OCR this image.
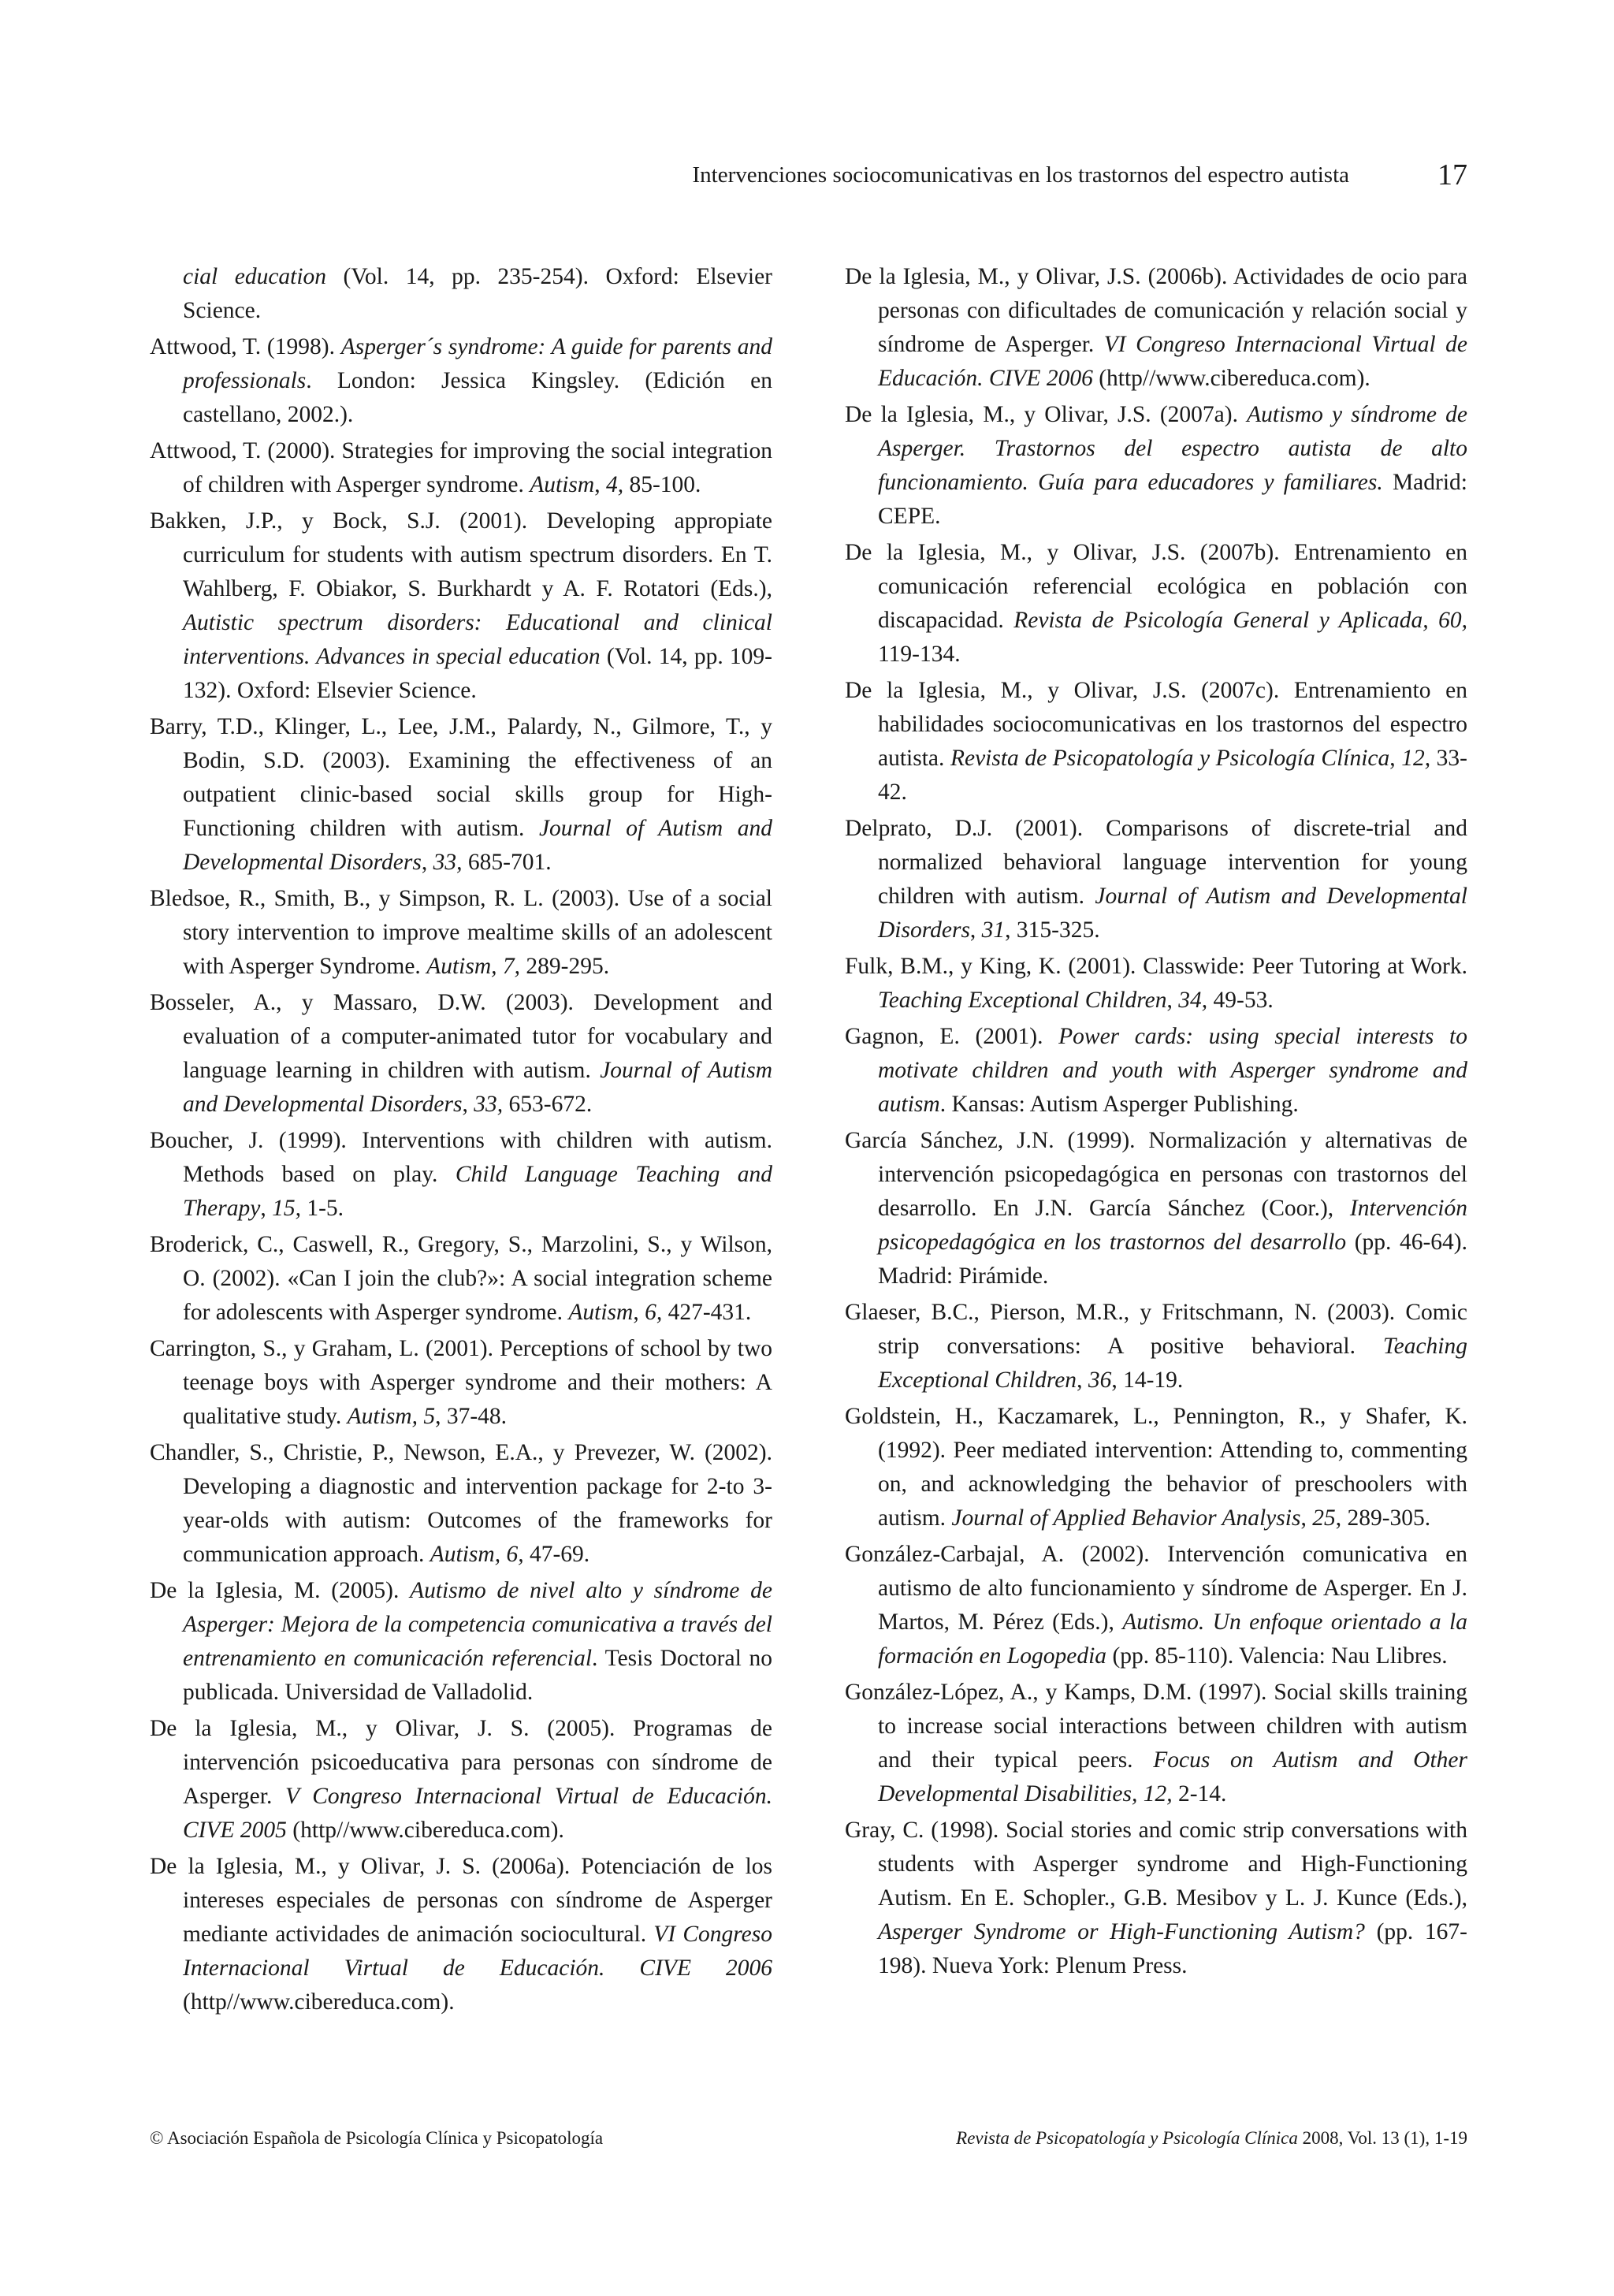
Intervenciones sociocomunicativas en los trastornos del espectro autista	17

cial education (Vol. 14, pp. 235-254). Oxford: Elsevier Science.

Attwood, T. (1998). Asperger´s syndrome: A guide for parents and professionals. London: Jessica Kingsley. (Edición en castellano, 2002.).

Attwood, T. (2000). Strategies for improving the social integration of children with Asperger syndrome. Autism, 4, 85-100.

Bakken, J.P., y Bock, S.J. (2001). Developing appropiate curriculum for students with autism spectrum disorders. En T. Wahlberg, F. Obiakor, S. Burkhardt y A. F. Rotatori (Eds.), Autistic spectrum disorders: Educational and clinical interventions. Advances in special education (Vol. 14, pp. 109-132). Oxford: Elsevier Science.

Barry, T.D., Klinger, L., Lee, J.M., Palardy, N., Gilmore, T., y Bodin, S.D. (2003). Examining the effectiveness of an outpatient clinic-based social skills group for High-Functioning children with autism. Journal of Autism and Developmental Disorders, 33, 685-701.

Bledsoe, R., Smith, B., y Simpson, R. L. (2003). Use of a social story intervention to improve mealtime skills of an adolescent with Asperger Syndrome. Autism, 7, 289-295.

Bosseler, A., y Massaro, D.W. (2003). Development and evaluation of a computer-animated tutor for vocabulary and language learning in children with autism. Journal of Autism and Developmental Disorders, 33, 653-672.

Boucher, J. (1999). Interventions with children with autism. Methods based on play. Child Language Teaching and Therapy, 15, 1-5.

Broderick, C., Caswell, R., Gregory, S., Marzolini, S., y Wilson, O. (2002). «Can I join the club?»: A social integration scheme for adolescents with Asperger syndrome. Autism, 6, 427-431.

Carrington, S., y Graham, L. (2001). Perceptions of school by two teenage boys with Asperger syndrome and their mothers: A qualitative study. Autism, 5, 37-48.

Chandler, S., Christie, P., Newson, E.A., y Prevezer, W. (2002). Developing a diagnostic and intervention package for 2-to 3-year-olds with autism: Outcomes of the frameworks for communication approach. Autism, 6, 47-69.

De la Iglesia, M. (2005). Autismo de nivel alto y síndrome de Asperger: Mejora de la competencia comunicativa a través del entrenamiento en comunicación referencial. Tesis Doctoral no publicada. Universidad de Valladolid.

De la Iglesia, M., y Olivar, J. S. (2005). Programas de intervención psicoeducativa para personas con síndrome de Asperger. V Congreso Internacional Virtual de Educación. CIVE 2005 (http//www.cibereduca.com).

De la Iglesia, M., y Olivar, J. S. (2006a). Potenciación de los intereses especiales de personas con síndrome de Asperger mediante actividades de animación sociocultural. VI Congreso Internacional Virtual de Educación. CIVE 2006 (http//www.cibereduca.com).

De la Iglesia, M., y Olivar, J.S. (2006b). Actividades de ocio para personas con dificultades de comunicación y relación social y síndrome de Asperger. VI Congreso Internacional Virtual de Educación. CIVE 2006 (http//www.cibereduca.com).

De la Iglesia, M., y Olivar, J.S. (2007a). Autismo y síndrome de Asperger. Trastornos del espectro autista de alto funcionamiento. Guía para educadores y familiares. Madrid: CEPE.

De la Iglesia, M., y Olivar, J.S. (2007b). Entrenamiento en comunicación referencial ecológica en población con discapacidad. Revista de Psicología General y Aplicada, 60, 119-134.

De la Iglesia, M., y Olivar, J.S. (2007c). Entrenamiento en habilidades sociocomunicativas en los trastornos del espectro autista. Revista de Psicopatología y Psicología Clínica, 12, 33-42.

Delprato, D.J. (2001). Comparisons of discrete-trial and normalized behavioral language intervention for young children with autism. Journal of Autism and Developmental Disorders, 31, 315-325.

Fulk, B.M., y King, K. (2001). Classwide: Peer Tutoring at Work. Teaching Exceptional Children, 34, 49-53.

Gagnon, E. (2001). Power cards: using special interests to motivate children and youth with Asperger syndrome and autism. Kansas: Autism Asperger Publishing.

García Sánchez, J.N. (1999). Normalización y alternativas de intervención psicopedagógica en personas con trastornos del desarrollo. En J.N. García Sánchez (Coor.), Intervención psicopedagógica en los trastornos del desarrollo (pp. 46-64). Madrid: Pirámide.

Glaeser, B.C., Pierson, M.R., y Fritschmann, N. (2003). Comic strip conversations: A positive behavioral. Teaching Exceptional Children, 36, 14-19.

Goldstein, H., Kaczamarek, L., Pennington, R., y Shafer, K. (1992). Peer mediated intervention: Attending to, commenting on, and acknowledging the behavior of preschoolers with autism. Journal of Applied Behavior Analysis, 25, 289-305.

González-Carbajal, A. (2002). Intervención comunicativa en autismo de alto funcionamiento y síndrome de Asperger. En J. Martos, M. Pérez (Eds.), Autismo. Un enfoque orientado a la formación en Logopedia (pp. 85-110). Valencia: Nau Llibres.

González-López, A., y Kamps, D.M. (1997). Social skills training to increase social interactions between children with autism and their typical peers. Focus on Autism and Other Developmental Disabilities, 12, 2-14.

Gray, C. (1998). Social stories and comic strip conversations with students with Asperger syndrome and High-Functioning Autism. En E. Schopler., G.B. Mesibov y L. J. Kunce (Eds.), Asperger Syndrome or High-Functioning Autism? (pp. 167-198). Nueva York: Plenum Press.

© Asociación Española de Psicología Clínica y Psicopatología	Revista de Psicopatología y Psicología Clínica 2008, Vol. 13 (1), 1-19
